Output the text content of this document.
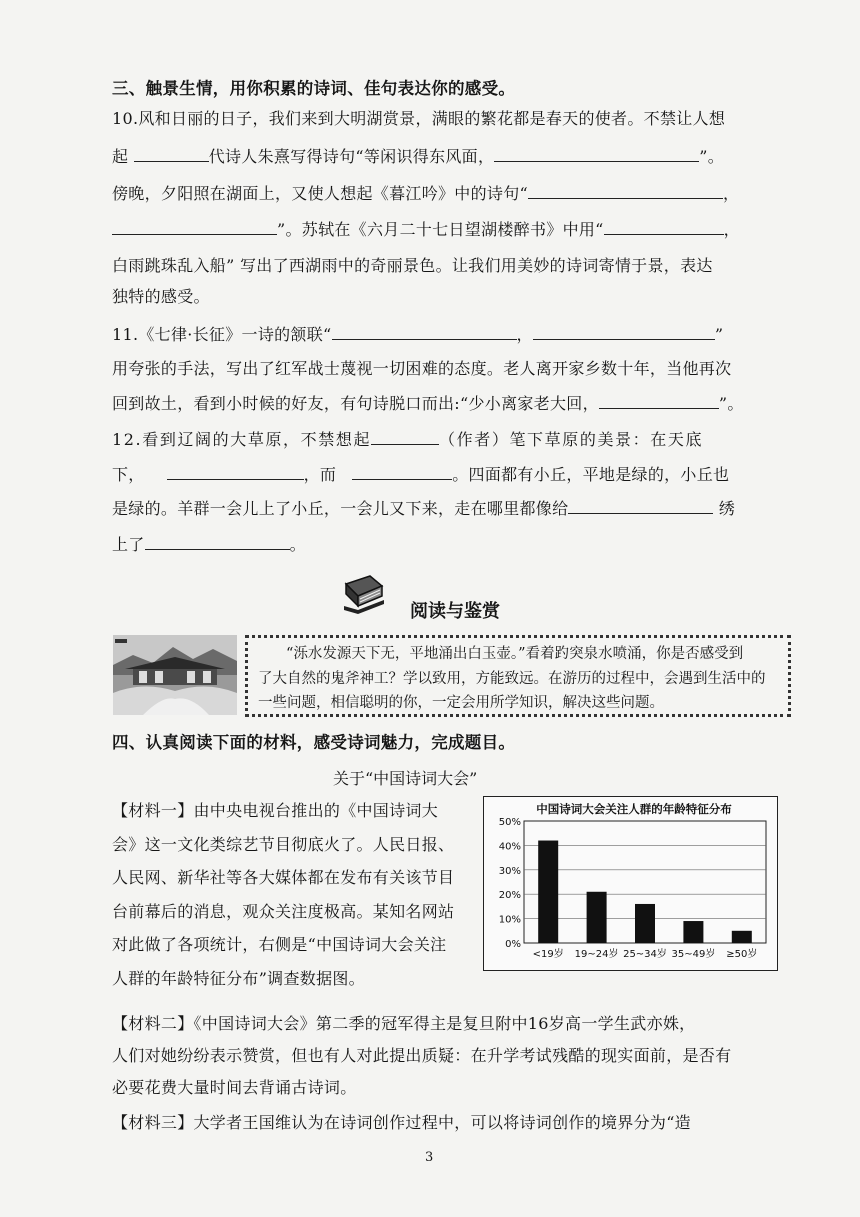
三、触景生情，用你积累的诗词、佳句表达你的感受。
10.风和日丽的日子，我们来到大明湖赏景，满眼的繁花都是春天的使者。不禁让人想
起	代诗人朱熹写得诗句“等闲识得东风面，	”。
傍晚，夕阳照在湖面上，又使人想起《暮江吟》中的诗句“	，
”。苏轼在《六月二十七日望湖楼醉书》中用“	，
白雨跳珠乱入船” 写出了西湖雨中的奇丽景色。让我们用美妙的诗词寄情于景，表达
独特的感受。
11.《七律·长征》一诗的颔联“	，	”
用夸张的手法，写出了红军战士蔑视一切困难的态度。老人离开家乡数十年，当他再次
回到故土，看到小时候的好友，有句诗脱口而出:“少小离家老大回，	”。
12.看到辽阔的大草原，不禁想起	（作者）笔下草原的美景：在天底
下，	，而	。四面都有小丘，平地是绿的，小丘也
是绿的。羊群一会儿上了小丘，一会儿又下来，走在哪里都像给	绣
上了	。
阅读与鉴赏
“泺水发源天下无，平地涌出白玉壶。”看着趵突泉水喷涌，你是否感受到
了大自然的鬼斧神工？学以致用，方能致远。在游历的过程中，会遇到生活中的
一些问题，相信聪明的你，一定会用所学知识，解决这些问题。
四、认真阅读下面的材料，感受诗词魅力，完成题目。
关于“中国诗词大会”
【材料一】由中央电视台推出的《中国诗词大
会》这一文化类综艺节目彻底火了。人民日报、
人民网、新华社等各大媒体都在发布有关该节目
台前幕后的消息，观众关注度极高。某知名网站
对此做了各项统计，右侧是“中国诗词大会关注
人群的年龄特征分布”调查数据图。
中国诗词大会关注人群的年龄特征分布
0%
10%
20%
30%
40%
50%
<19岁 19~24岁 25~34岁 35~49岁 ≥50岁
【材料二】《中国诗词大会》第二季的冠军得主是复旦附中16岁高一学生武亦姝，
人们对她纷纷表示赞赏，但也有人对此提出质疑：在升学考试残酷的现实面前，是否有
必要花费大量时间去背诵古诗词。
【材料三】大学者王国维认为在诗词创作过程中，可以将诗词创作的境界分为“造
3
